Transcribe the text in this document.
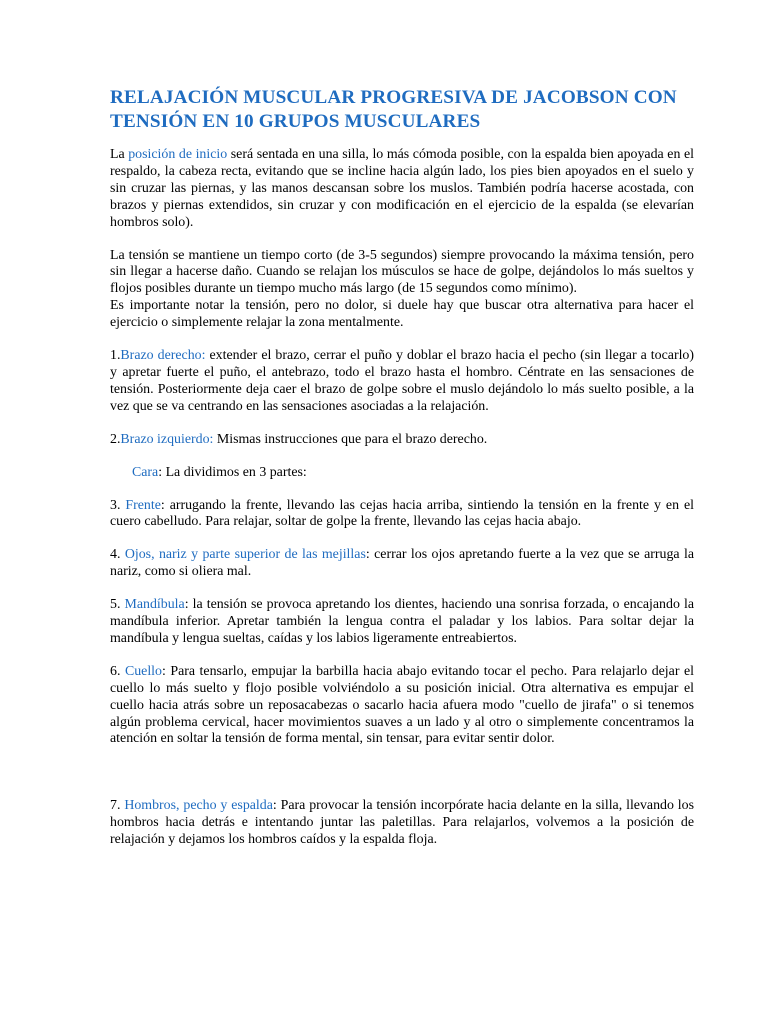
RELAJACIÓN MUSCULAR PROGRESIVA DE JACOBSON CON TENSIÓN EN 10 GRUPOS MUSCULARES

La posición de inicio será sentada en una silla, lo más cómoda posible, con la espalda bien apoyada en el respaldo, la cabeza recta, evitando que se incline hacia algún lado, los pies bien apoyados en el suelo y sin cruzar las piernas, y las manos descansan sobre los muslos. También podría hacerse acostada, con brazos y piernas extendidos, sin cruzar y con modificación en el ejercicio de la espalda (se elevarían hombros solo).

La tensión se mantiene un tiempo corto (de 3-5 segundos) siempre provocando la máxima tensión, pero sin llegar a hacerse daño. Cuando se relajan los músculos se hace de golpe, dejándolos lo más sueltos y flojos posibles durante un tiempo mucho más largo (de 15 segundos como mínimo).

Es importante notar la tensión, pero no dolor, si duele hay que buscar otra alternativa para hacer el ejercicio o simplemente relajar la zona mentalmente.

1.Brazo derecho: extender el brazo, cerrar el puño y doblar el brazo hacia el pecho (sin llegar a tocarlo) y apretar fuerte el puño, el antebrazo, todo el brazo hasta el hombro. Céntrate en las sensaciones de tensión. Posteriormente deja caer el brazo de golpe sobre el muslo dejándolo lo más suelto posible, a la vez que se va centrando en las sensaciones asociadas a la relajación.

2.Brazo izquierdo: Mismas instrucciones que para el brazo derecho.

Cara: La dividimos en 3 partes:

3. Frente: arrugando la frente, llevando las cejas hacia arriba, sintiendo la tensión en la frente y en el cuero cabelludo. Para relajar, soltar de golpe la frente, llevando las cejas hacia abajo.

4. Ojos, nariz y parte superior de las mejillas: cerrar los ojos apretando fuerte a la vez que se arruga la nariz, como si oliera mal.

5. Mandíbula: la tensión se provoca apretando los dientes, haciendo una sonrisa forzada, o encajando la mandíbula inferior. Apretar también la lengua contra el paladar y los labios. Para soltar dejar la mandíbula y lengua sueltas, caídas y los labios ligeramente entreabiertos.

6. Cuello: Para tensarlo, empujar la barbilla hacia abajo evitando tocar el pecho. Para relajarlo dejar el cuello lo más suelto y flojo posible volviéndolo a su posición inicial. Otra alternativa es empujar el cuello hacia atrás sobre un reposacabezas o sacarlo hacia afuera modo "cuello de jirafa" o si tenemos algún problema cervical, hacer movimientos suaves a un lado y al otro o simplemente concentramos la atención en soltar la tensión de forma mental, sin tensar, para evitar sentir dolor.

7. Hombros, pecho y espalda: Para provocar la tensión incorpórate hacia delante en la silla, llevando los hombros hacia detrás e intentando juntar las paletillas. Para relajarlos, volvemos a la posición de relajación y dejamos los hombros caídos y la espalda floja.
